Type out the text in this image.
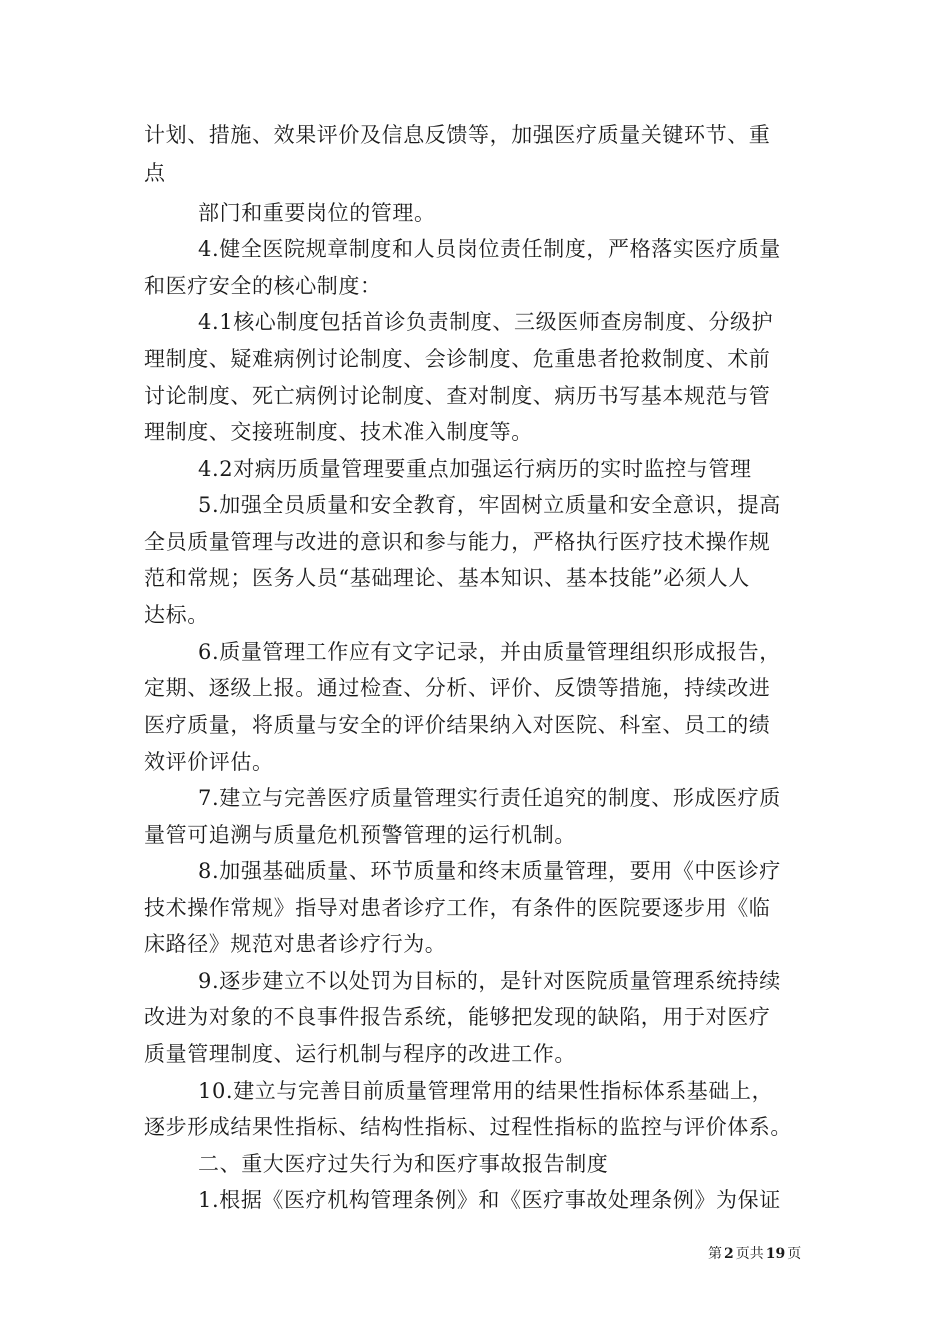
计划、措施、效果评价及信息反馈等，加强医疗质量关键环节、重
点
部门和重要岗位的管理。
4.健全医院规章制度和人员岗位责任制度，严格落实医疗质量
和医疗安全的核心制度：
4.1核心制度包括首诊负责制度、三级医师查房制度、分级护
理制度、疑难病例讨论制度、会诊制度、危重患者抢救制度、术前
讨论制度、死亡病例讨论制度、查对制度、病历书写基本规范与管
理制度、交接班制度、技术准入制度等。
4.2对病历质量管理要重点加强运行病历的实时监控与管理
5.加强全员质量和安全教育，牢固树立质量和安全意识，提高
全员质量管理与改进的意识和参与能力，严格执行医疗技术操作规
范和常规；医务人员“基础理论、基本知识、基本技能”必须人人
达标。
6.质量管理工作应有文字记录，并由质量管理组织形成报告，
定期、逐级上报。通过检查、分析、评价、反馈等措施，持续改进
医疗质量，将质量与安全的评价结果纳入对医院、科室、员工的绩
效评价评估。
7.建立与完善医疗质量管理实行责任追究的制度、形成医疗质
量管可追溯与质量危机预警管理的运行机制。
8.加强基础质量、环节质量和终末质量管理，要用《中医诊疗
技术操作常规》指导对患者诊疗工作，有条件的医院要逐步用《临
床路径》规范对患者诊疗行为。
9.逐步建立不以处罚为目标的，是针对医院质量管理系统持续
改进为对象的不良事件报告系统，能够把发现的缺陷，用于对医疗
质量管理制度、运行机制与程序的改进工作。
10.建立与完善目前质量管理常用的结果性指标体系基础上，
逐步形成结果性指标、结构性指标、过程性指标的监控与评价体系。
二、重大医疗过失行为和医疗事故报告制度
1.根据《医疗机构管理条例》和《医疗事故处理条例》为保证
第 2 页共 19 页
